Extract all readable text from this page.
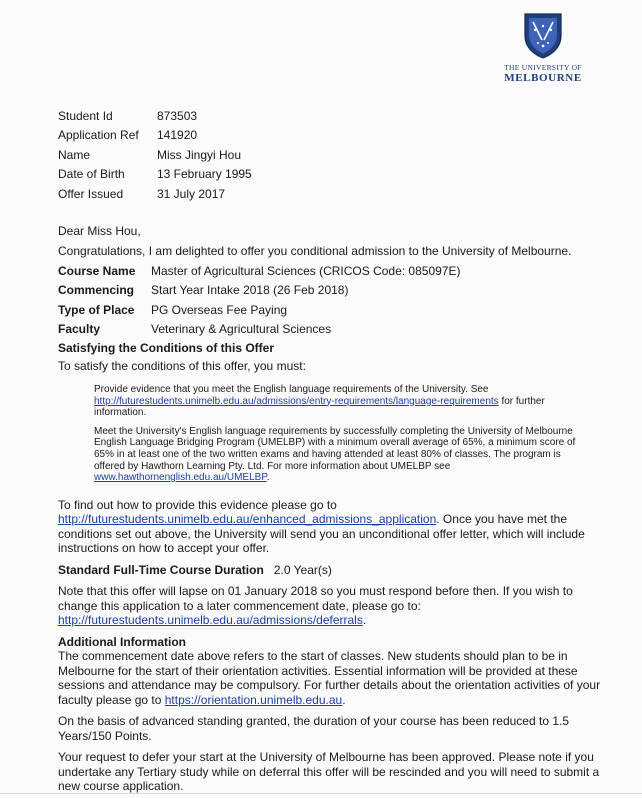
THE UNIVERSITY OF
MELBOURNE
Student Id	873503
Application Ref	141920
Name	Miss Jingyi Hou
Date of Birth	13 February 1995
Offer Issued	31 July 2017

Dear Miss Hou,

Congratulations, I am delighted to offer you conditional admission to the University of Melbourne.

Course Name	Master of Agricultural Sciences (CRICOS Code: 085097E)
Commencing	Start Year Intake 2018 (26 Feb 2018)
Type of Place	PG Overseas Fee Paying
Faculty	Veterinary & Agricultural Sciences
Satisfying the Conditions of this Offer
To satisfy the conditions of this offer, you must:
Provide evidence that you meet the English language requirements of the University. See http://futurestudents.unimelb.edu.au/admissions/entry-requirements/language-requirements for further information.
Meet the University's English language requirements by successfully completing the University of Melbourne English Language Bridging Program (UMELBP) with a minimum overall average of 65%, a minimum score of 65% in at least one of the two written exams and having attended at least 80% of classes. The program is offered by Hawthorn Learning Pty. Ltd. For more information about UMELBP see www.hawthornenglish.edu.au/UMELBP.

To find out how to provide this evidence please go to http://futurestudents.unimelb.edu.au/enhanced_admissions_application. Once you have met the conditions set out above, the University will send you an unconditional offer letter, which will include instructions on how to accept your offer.

Standard Full-Time Course Duration 2.0 Year(s)

Note that this offer will lapse on 01 January 2018 so you must respond before then. If you wish to change this application to a later commencement date, please go to:
http://futurestudents.unimelb.edu.au/admissions/deferrals.

Additional Information

The commencement date above refers to the start of classes. New students should plan to be in Melbourne for the start of their orientation activities. Essential information will be provided at these sessions and attendance may be compulsory. For further details about the orientation activities of your faculty please go to https://orientation.unimelb.edu.au.

On the basis of advanced standing granted, the duration of your course has been reduced to 1.5 Years/150 Points.

Your request to defer your start at the University of Melbourne has been approved. Please note if you undertake any Tertiary study while on deferral this offer will be rescinded and you will need to submit a new course application.
